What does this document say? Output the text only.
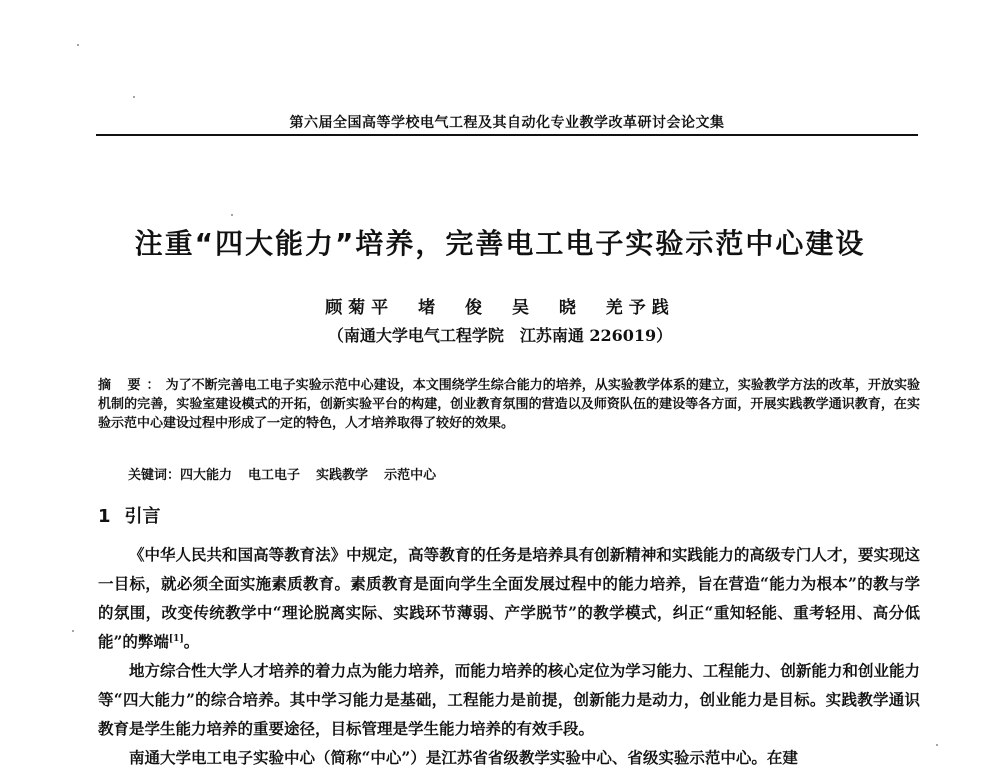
第六届全国高等学校电气工程及其自动化专业教学改革研讨会论文集
注重“四大能力”培养，完善电工电子实验示范中心建设
顾菊平 堵 俊 吴 晓 羌予践
（南通大学电气工程学院　江苏南通 226019）
摘 要：为了不断完善电工电子实验示范中心建设，本文围绕学生综合能力的培养，从实验教学体系的建立，实验教学方法的改革，开放实验机制的完善，实验室建设模式的开拓，创新实验平台的构建，创业教育氛围的营造以及师资队伍的建设等各方面，开展实践教学通识教育，在实验示范中心建设过程中形成了一定的特色，人才培养取得了较好的效果。
关键词：四大能力 电工电子 实践教学 示范中心
1 引言

《中华人民共和国高等教育法》中规定，高等教育的任务是培养具有创新精神和实践能力的高级专门人才，要实现这一目标，就必须全面实施素质教育。素质教育是面向学生全面发展过程中的能力培养，旨在营造“能力为根本”的教与学的氛围，改变传统教学中“理论脱离实际、实践环节薄弱、产学脱节”的教学模式，纠正“重知轻能、重考轻用、高分低能”的弊端[1]。

地方综合性大学人才培养的着力点为能力培养，而能力培养的核心定位为学习能力、工程能力、创新能力和创业能力等“四大能力”的综合培养。其中学习能力是基础，工程能力是前提，创新能力是动力，创业能力是目标。实践教学通识教育是学生能力培养的重要途径，目标管理是学生能力培养的有效手段。

南通大学电工电子实验中心（简称“中心”）是江苏省省级教学实验中心、省级实验示范中心。在建
